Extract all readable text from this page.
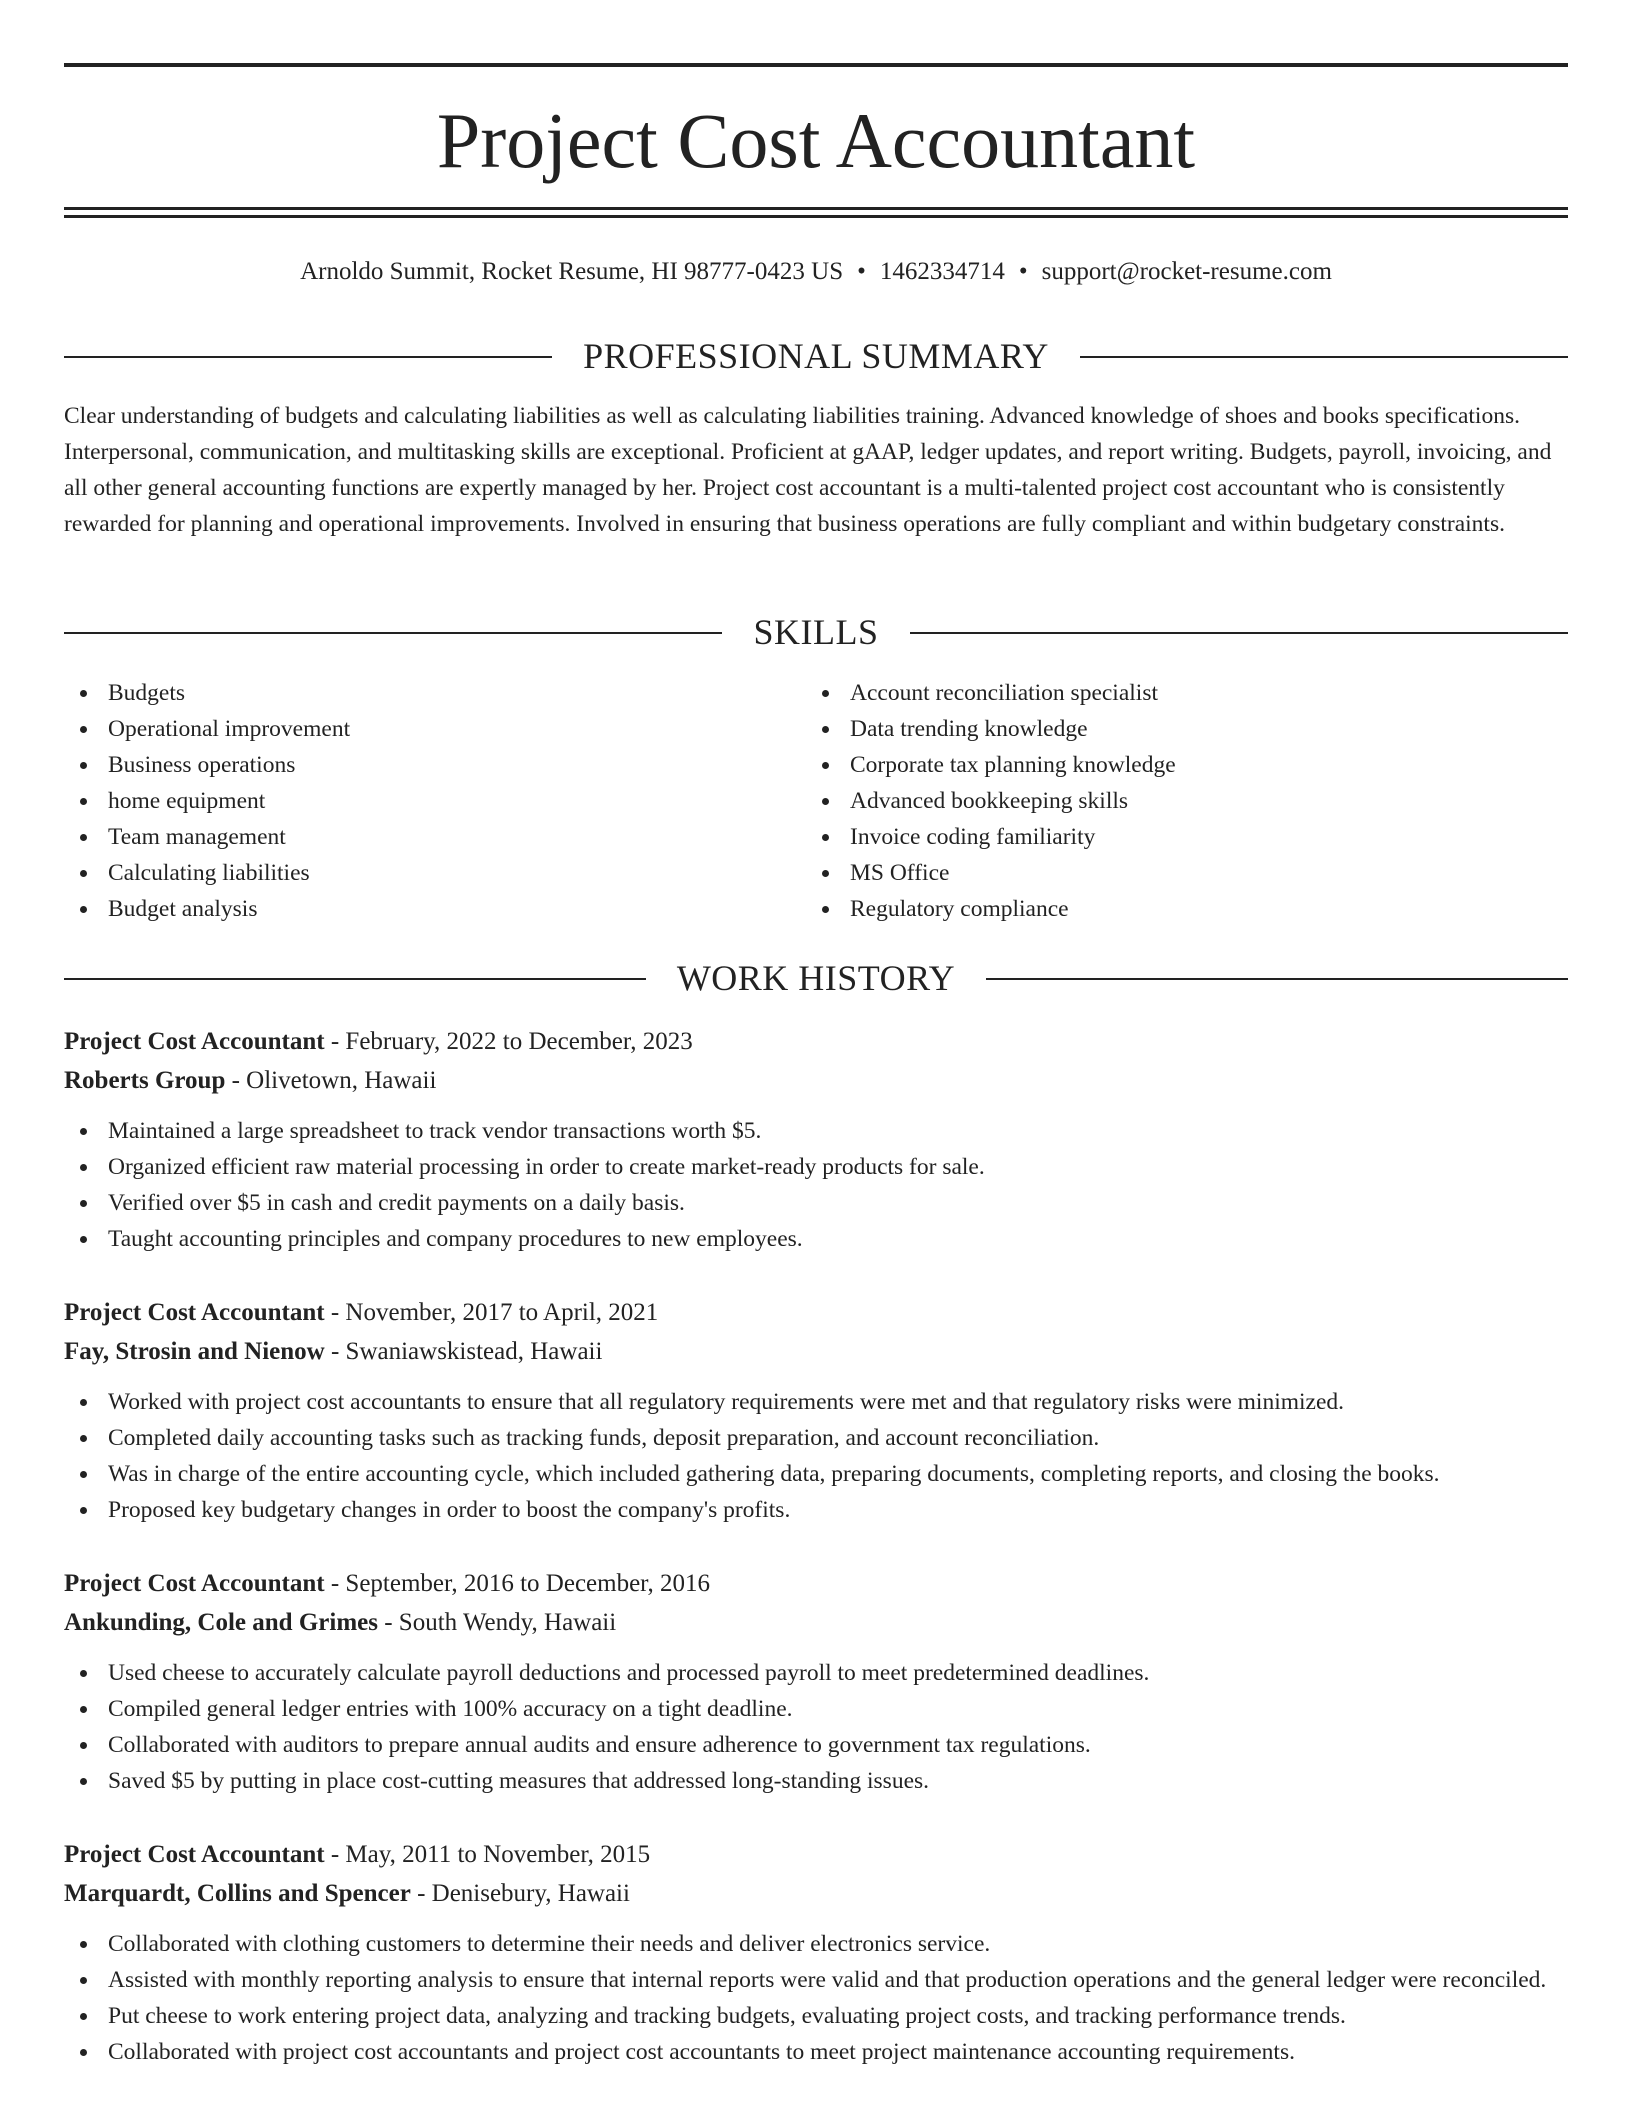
Project Cost Accountant
Arnoldo Summit, Rocket Resume, HI 98777-0423 US • 1462334714 • support@rocket-resume.com
PROFESSIONAL SUMMARY

Clear understanding of budgets and calculating liabilities as well as calculating liabilities training. Advanced knowledge of shoes and books specifications. Interpersonal, communication, and multitasking skills are exceptional. Proficient at gAAP, ledger updates, and report writing. Budgets, payroll, invoicing, and all other general accounting functions are expertly managed by her. Project cost accountant is a multi-talented project cost accountant who is consistently rewarded for planning and operational improvements. Involved in ensuring that business operations are fully compliant and within budgetary constraints.

SKILLS
Budgets
Operational improvement
Business operations
home equipment
Team management
Calculating liabilities
Budget analysis
Account reconciliation specialist
Data trending knowledge
Corporate tax planning knowledge
Advanced bookkeeping skills
Invoice coding familiarity
MS Office
Regulatory compliance
WORK HISTORY
Project Cost Accountant - February, 2022 to December, 2023
Roberts Group - Olivetown, Hawaii
Maintained a large spreadsheet to track vendor transactions worth $5.
Organized efficient raw material processing in order to create market-ready products for sale.
Verified over $5 in cash and credit payments on a daily basis.
Taught accounting principles and company procedures to new employees.
Project Cost Accountant - November, 2017 to April, 2021
Fay, Strosin and Nienow - Swaniawskistead, Hawaii
Worked with project cost accountants to ensure that all regulatory requirements were met and that regulatory risks were minimized.
Completed daily accounting tasks such as tracking funds, deposit preparation, and account reconciliation.
Was in charge of the entire accounting cycle, which included gathering data, preparing documents, completing reports, and closing the books.
Proposed key budgetary changes in order to boost the company's profits.
Project Cost Accountant - September, 2016 to December, 2016
Ankunding, Cole and Grimes - South Wendy, Hawaii
Used cheese to accurately calculate payroll deductions and processed payroll to meet predetermined deadlines.
Compiled general ledger entries with 100% accuracy on a tight deadline.
Collaborated with auditors to prepare annual audits and ensure adherence to government tax regulations.
Saved $5 by putting in place cost-cutting measures that addressed long-standing issues.
Project Cost Accountant - May, 2011 to November, 2015
Marquardt, Collins and Spencer - Denisebury, Hawaii
Collaborated with clothing customers to determine their needs and deliver electronics service.
Assisted with monthly reporting analysis to ensure that internal reports were valid and that production operations and the general ledger were reconciled.
Put cheese to work entering project data, analyzing and tracking budgets, evaluating project costs, and tracking performance trends.
Collaborated with project cost accountants and project cost accountants to meet project maintenance accounting requirements.
